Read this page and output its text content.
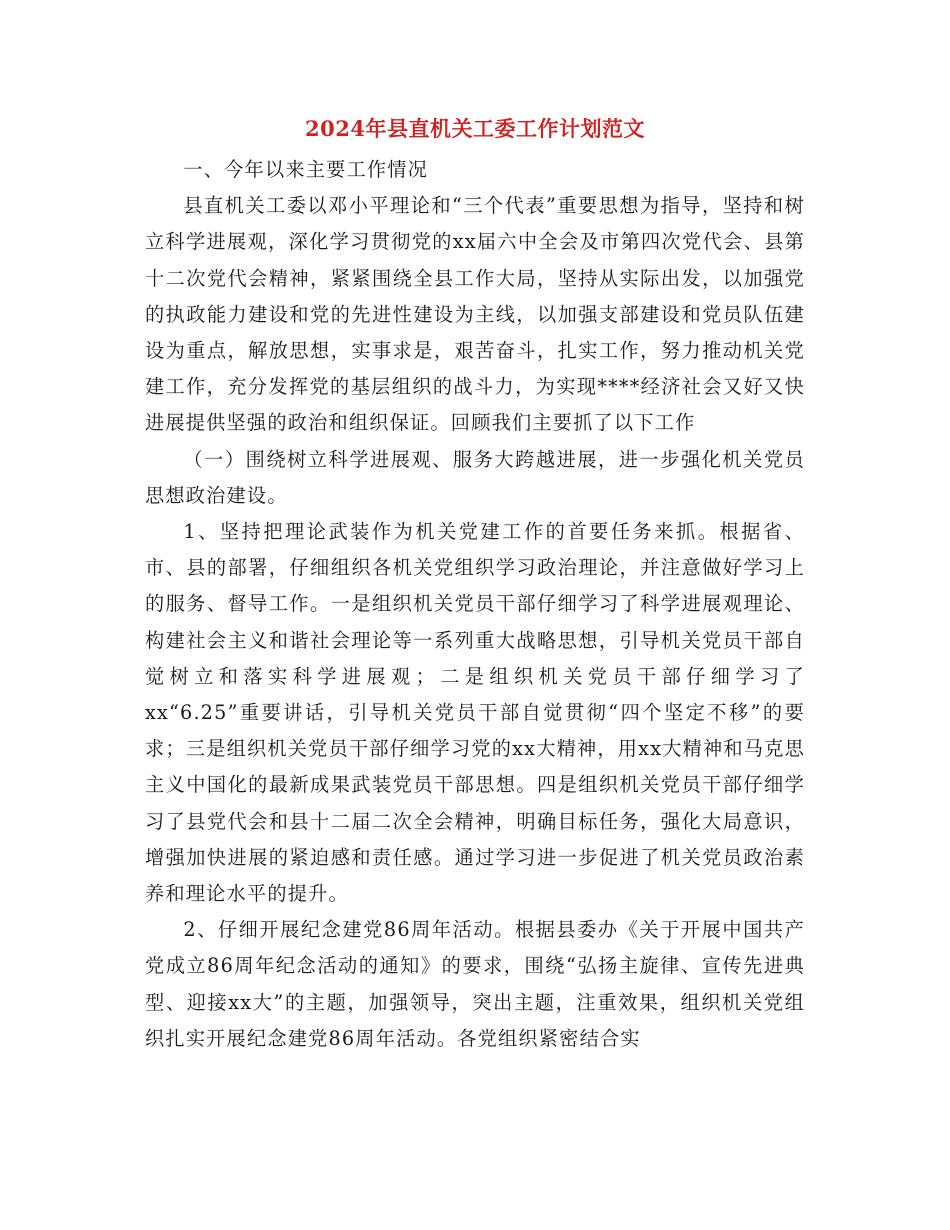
2024年县直机关工委工作计划范文

一、今年以来主要工作情况

县直机关工委以邓小平理论和“三个代表”重要思想为指导，坚持和树立科学进展观，深化学习贯彻党的xx届六中全会及市第四次党代会、县第十二次党代会精神，紧紧围绕全县工作大局，坚持从实际出发，以加强党的执政能力建设和党的先进性建设为主线，以加强支部建设和党员队伍建设为重点，解放思想，实事求是，艰苦奋斗，扎实工作，努力推动机关党建工作，充分发挥党的基层组织的战斗力，为实现****经济社会又好又快进展提供坚强的政治和组织保证。回顾我们主要抓了以下工作

（一）围绕树立科学进展观、服务大跨越进展，进一步强化机关党员思想政治建设。

1、坚持把理论武装作为机关党建工作的首要任务来抓。根据省、市、县的部署，仔细组织各机关党组织学习政治理论，并注意做好学习上的服务、督导工作。一是组织机关党员干部仔细学习了科学进展观理论、构建社会主义和谐社会理论等一系列重大战略思想，引导机关党员干部自觉树立和落实科学进展观；二是组织机关党员干部仔细学习了xx“6.25”重要讲话，引导机关党员干部自觉贯彻“四个坚定不移”的要求；三是组织机关党员干部仔细学习党的xx大精神，用xx大精神和马克思主义中国化的最新成果武装党员干部思想。四是组织机关党员干部仔细学习了县党代会和县十二届二次全会精神，明确目标任务，强化大局意识，增强加快进展的紧迫感和责任感。通过学习进一步促进了机关党员政治素养和理论水平的提升。

2、仔细开展纪念建党86周年活动。根据县委办《关于开展中国共产党成立86周年纪念活动的通知》的要求，围绕“弘扬主旋律、宣传先进典型、迎接xx大”的主题，加强领导，突出主题，注重效果，组织机关党组织扎实开展纪念建党86周年活动。各党组织紧密结合实
